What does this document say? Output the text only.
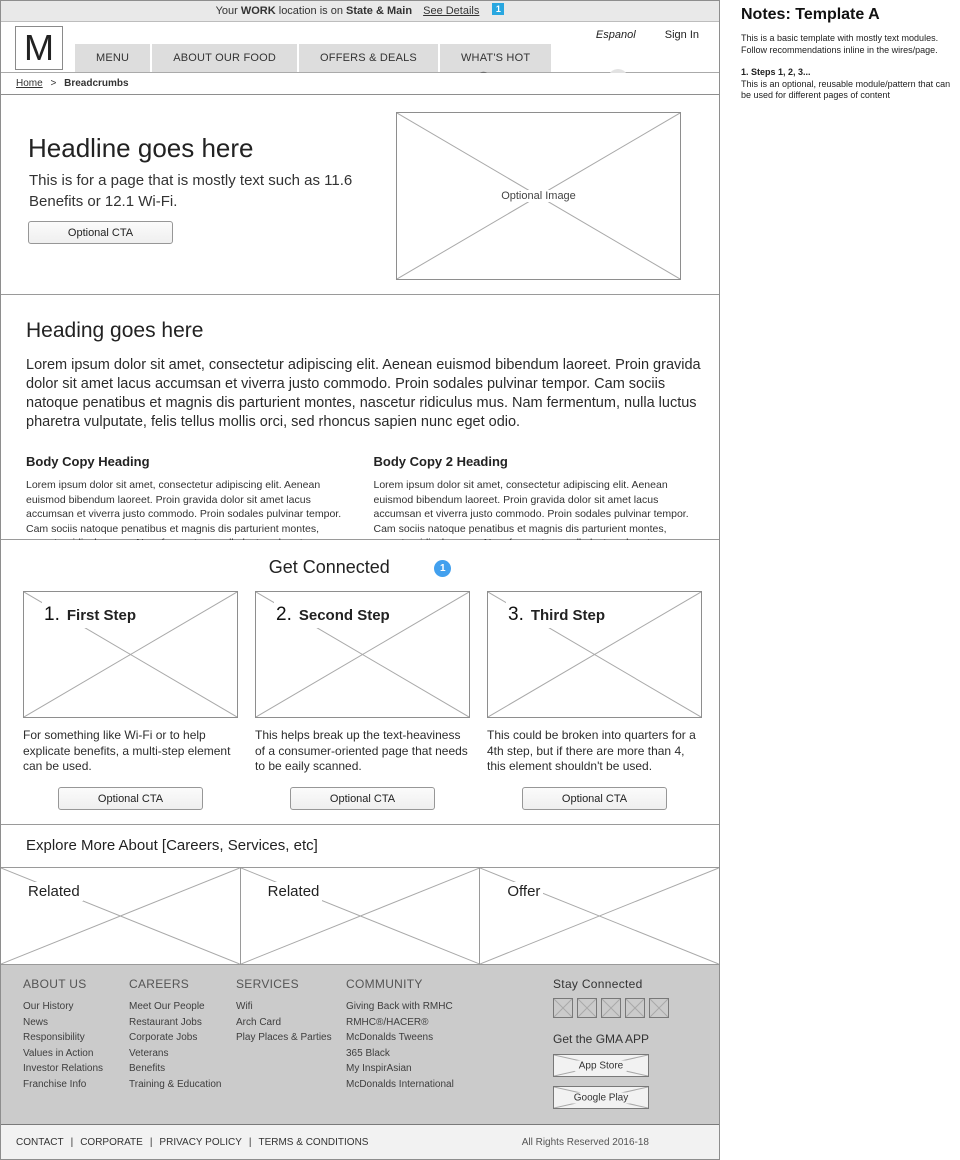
Your WORK location is on State & Main See Details 1
M	MENU	ABOUT OUR FOOD	OFFERS & DEALS	WHAT'S HOT
Espanol	Sign In
Home > Breadcrumbs
Headline goes here
This is for a page that is mostly text such as 11.6 Benefits or 12.1 Wi-Fi.
Optional CTA
Optional Image
Heading goes here

Lorem ipsum dolor sit amet, consectetur adipiscing elit. Aenean euismod bibendum laoreet. Proin gravida dolor sit amet lacus accumsan et viverra justo commodo. Proin sodales pulvinar tempor. Cam sociis natoque penatibus et magnis dis parturient montes, nascetur ridiculus mus. Nam fermentum, nulla luctus pharetra vulputate, felis tellus mollis orci, sed rhoncus sapien nunc eget odio.

Body Copy Heading

Lorem ipsum dolor sit amet, consectetur adipiscing elit. Aenean euismod bibendum laoreet. Proin gravida dolor sit amet lacus accumsan et viverra justo commodo. Proin sodales pulvinar tempor. Cam sociis natoque penatibus et magnis dis parturient montes,

Body Copy 2 Heading

Lorem ipsum dolor sit amet, consectetur adipiscing elit. Aenean euismod bibendum laoreet. Proin gravida dolor sit amet lacus accumsan et viverra justo commodo. Proin sodales pulvinar tempor. Cam sociis natoque penatibus et magnis dis parturient montes,

Get Connected	1
1. First Step
For something like Wi-Fi or to help explicate benefits, a multi-step element can be used.
Optional CTA
2. Second Step
This helps break up the text-heaviness of a consumer-oriented page that needs to be eaily scanned.
Optional CTA
3. Third Step
This could be broken into quarters for a 4th step, but if there are more than 4, this element shouldn't be used.
Optional CTA
Explore More About [Careers, Services, etc]
Related	Related	Offer
ABOUT US
Our History
News
Responsibility
Values in Action
Investor Relations
Franchise Info
CAREERS
Meet Our People
Restaurant Jobs
Corporate Jobs
Veterans
Benefits
Training & Education
SERVICES
Wifi
Arch Card
Play Places & Parties
COMMUNITY
Giving Back with RMHC
RMHC®/HACER®
McDonalds Tweens
365 Black
My InspirAsian
McDonalds International
Stay Connected
Get the GMA APP
App Store
Google Play
CONTACT | CORPORATE | PRIVACY POLICY | TERMS & CONDITIONS	All Rights Reserved 2016-18
Notes: Template A

This is a basic template with mostly text modules. Follow recommendations inline in the wires/page.

1. Steps 1, 2, 3...

This is an optional, reusable module/pattern that can be used for different pages of content
